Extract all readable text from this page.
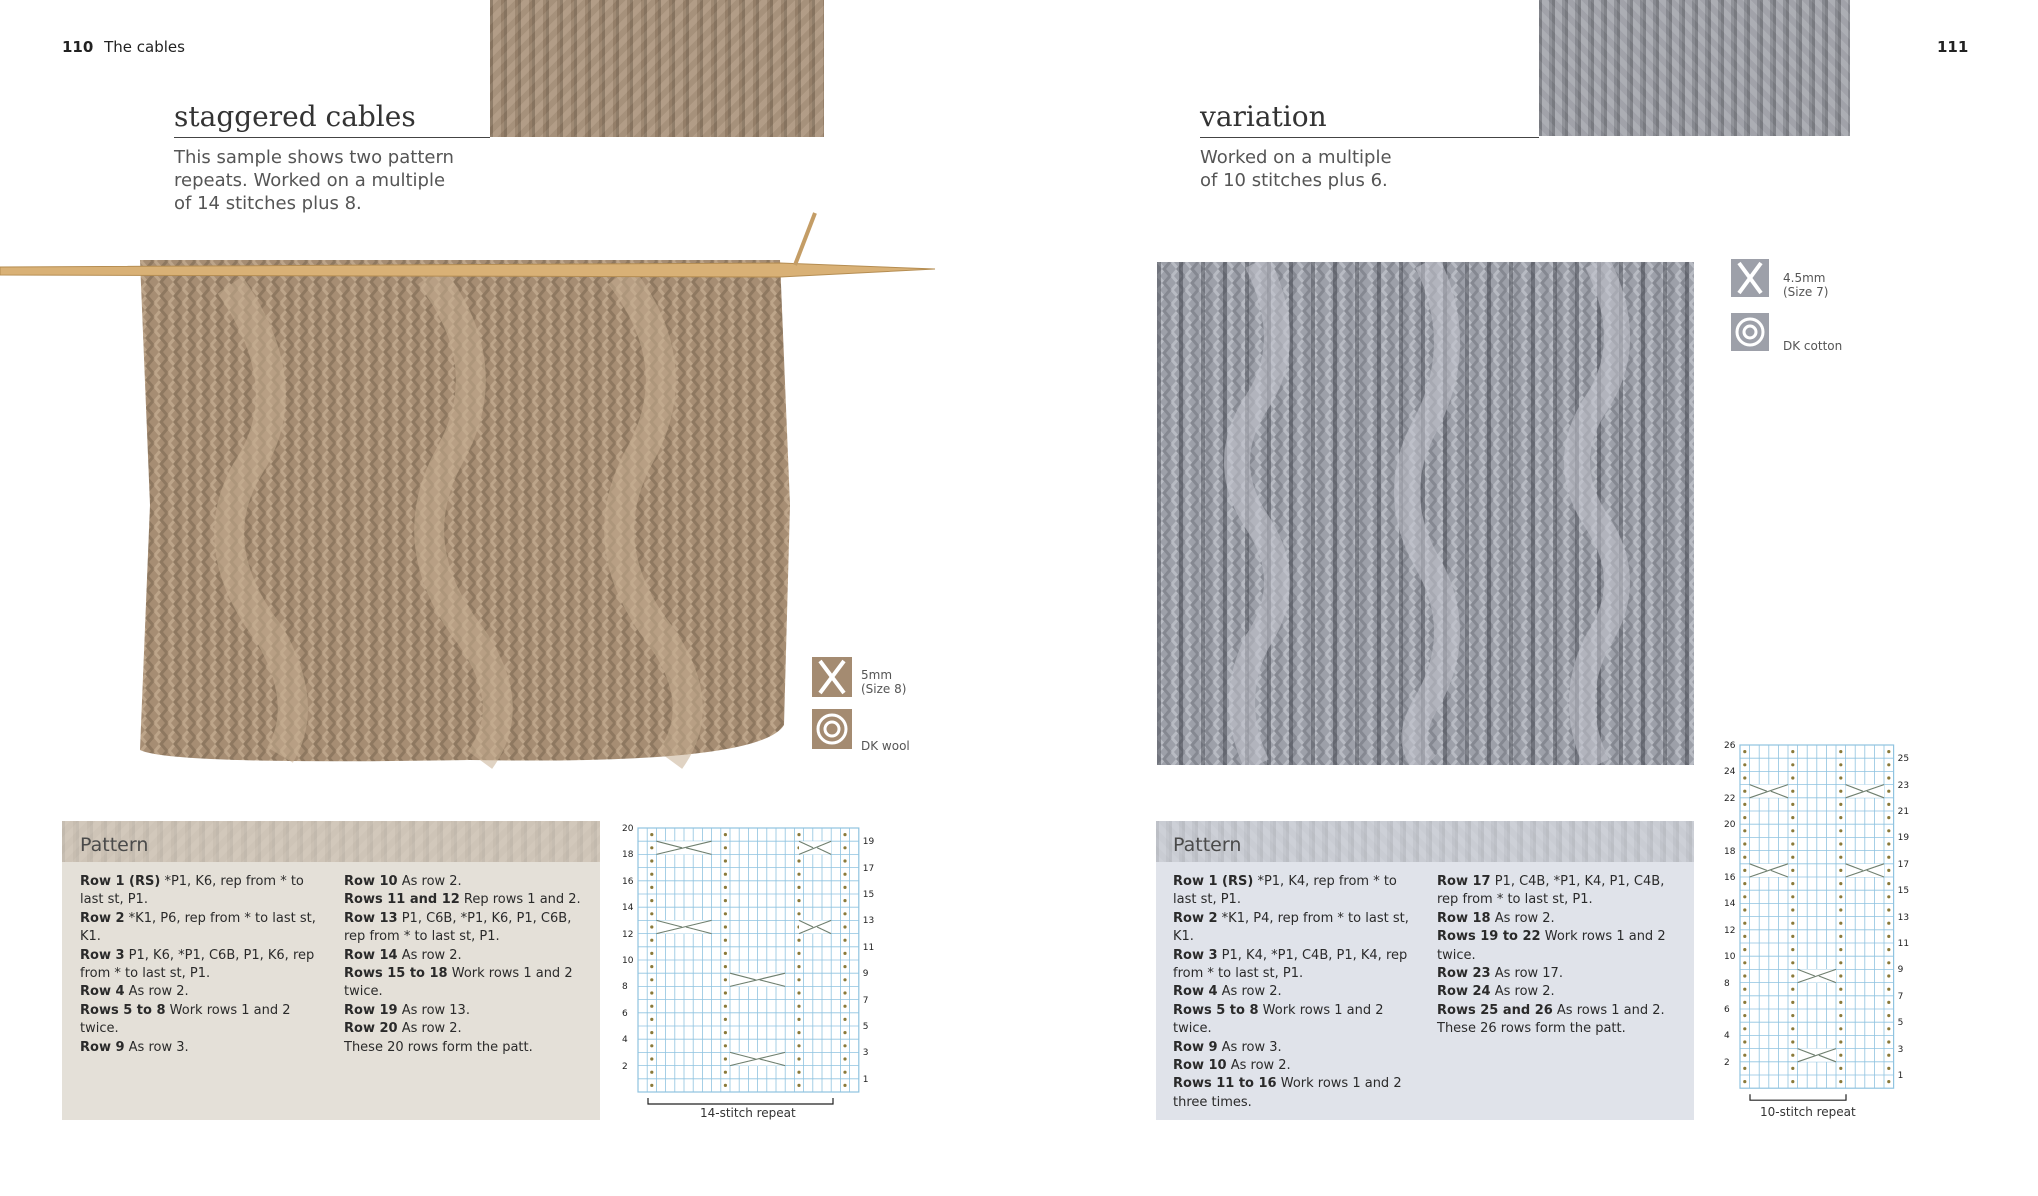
110 The cables
staggered cables
This sample shows two pattern
repeats. Worked on a multiple
of 14 stitches plus 8.
5mm
(Size 8)
DK wool
Pattern

Row 1 (RS) *P1, K6, rep from * to last st, P1.

Row 2 *K1, P6, rep from * to last st, K1.

Row 3 P1, K6, *P1, C6B, P1, K6, rep from * to last st, P1.

Row 4 As row 2.

Rows 5 to 8 Work rows 1 and 2 twice.

Row 9 As row 3.

Row 10 As row 2.

Rows 11 and 12 Rep rows 1 and 2.

Row 13 P1, C6B, *P1, K6, P1, C6B, rep from * to last st, P1.

Row 14 As row 2.

Rows 15 to 18 Work rows 1 and 2 twice.

Row 19 As row 13.

Row 20 As row 2.

These 20 rows form the patt.

20
18
16
14
12
10
8
6
4
2
19
17
15
13
11
9
7
5
3
1
14-stitch repeat
111
variation
Worked on a multiple
of 10 stitches plus 6.
4.5mm
(Size 7)
DK cotton
Pattern

Row 1 (RS) *P1, K4, rep from * to last st, P1.

Row 2 *K1, P4, rep from * to last st, K1.

Row 3 P1, K4, *P1, C4B, P1, K4, rep from * to last st, P1.

Row 4 As row 2.

Rows 5 to 8 Work rows 1 and 2 twice.

Row 9 As row 3.

Row 10 As row 2.

Rows 11 to 16 Work rows 1 and 2 three times.

Row 17 P1, C4B, *P1, K4, P1, C4B, rep from * to last st, P1.

Row 18 As row 2.

Rows 19 to 22 Work rows 1 and 2 twice.

Row 23 As row 17.

Row 24 As row 2.

Rows 25 and 26 As rows 1 and 2.

These 26 rows form the patt.

26
24
22
20
18
16
14
12
10
8
6
4
2
25
23
21
19
17
15
13
11
9
7
5
3
1
10-stitch repeat
